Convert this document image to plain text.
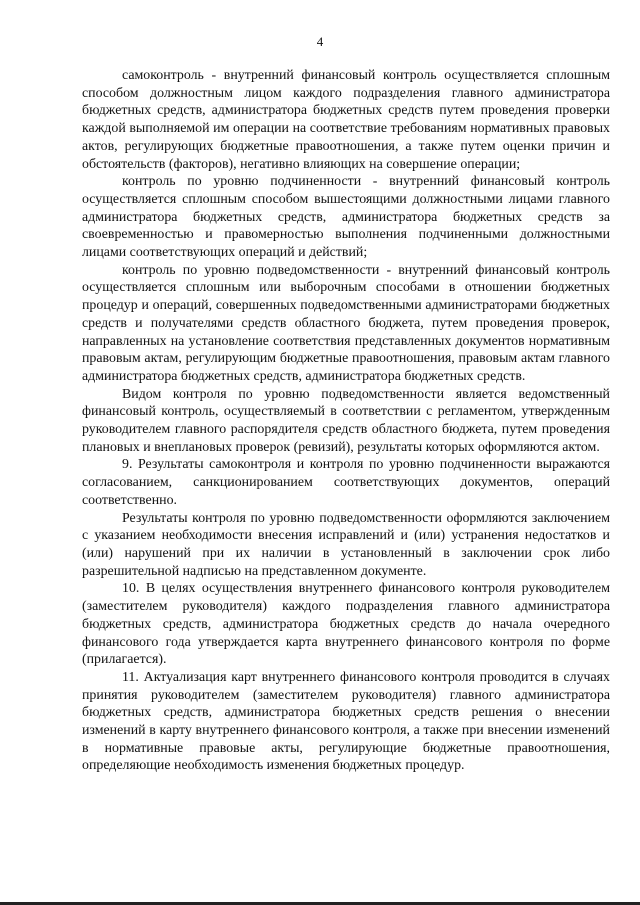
4

самоконтроль - внутренний финансовый контроль осуществляется сплошным способом должностным лицом каждого подразделения главного администратора бюджетных средств, администратора бюджетных средств путем проведения проверки каждой выполняемой им операции на соответствие требованиям нормативных правовых актов, регулирующих бюджетные правоотношения, а также путем оценки причин и обстоятельств (факторов), негативно влияющих на совершение операции;

контроль по уровню подчиненности - внутренний финансовый контроль осуществляется сплошным способом вышестоящими должностными лицами главного администратора бюджетных средств, администратора бюджетных средств за своевременностью и правомерностью выполнения подчиненными должностными лицами соответствующих операций и действий;

контроль по уровню подведомственности - внутренний финансовый контроль осуществляется сплошным или выборочным способами в отношении бюджетных процедур и операций, совершенных подведомственными администраторами бюджетных средств и получателями средств областного бюджета, путем проведения проверок, направленных на установление соответствия представленных документов нормативным правовым актам, регулирующим бюджетные правоотношения, правовым актам главного администратора бюджетных средств, администратора бюджетных средств.

Видом контроля по уровню подведомственности является ведомственный финансовый контроль, осуществляемый в соответствии с регламентом, утвержденным руководителем главного распорядителя средств областного бюджета, путем проведения плановых и внеплановых проверок (ревизий), результаты которых оформляются актом.

9. Результаты самоконтроля и контроля по уровню подчиненности выражаются согласованием, санкционированием соответствующих документов, операций соответственно.

Результаты контроля по уровню подведомственности оформляются заключением с указанием необходимости внесения исправлений и (или) устранения недостатков и (или) нарушений при их наличии в установленный в заключении срок либо разрешительной надписью на представленном документе.

10. В целях осуществления внутреннего финансового контроля руководителем (заместителем руководителя) каждого подразделения главного администратора бюджетных средств, администратора бюджетных средств до начала очередного финансового года утверждается карта внутреннего финансового контроля по форме (прилагается).

11. Актуализация карт внутреннего финансового контроля проводится в случаях принятия руководителем (заместителем руководителя) главного администратора бюджетных средств, администратора бюджетных средств решения о внесении изменений в карту внутреннего финансового контроля, а также при внесении изменений в нормативные правовые акты, регулирующие бюджетные правоотношения, определяющие необходимость изменения бюджетных процедур.
